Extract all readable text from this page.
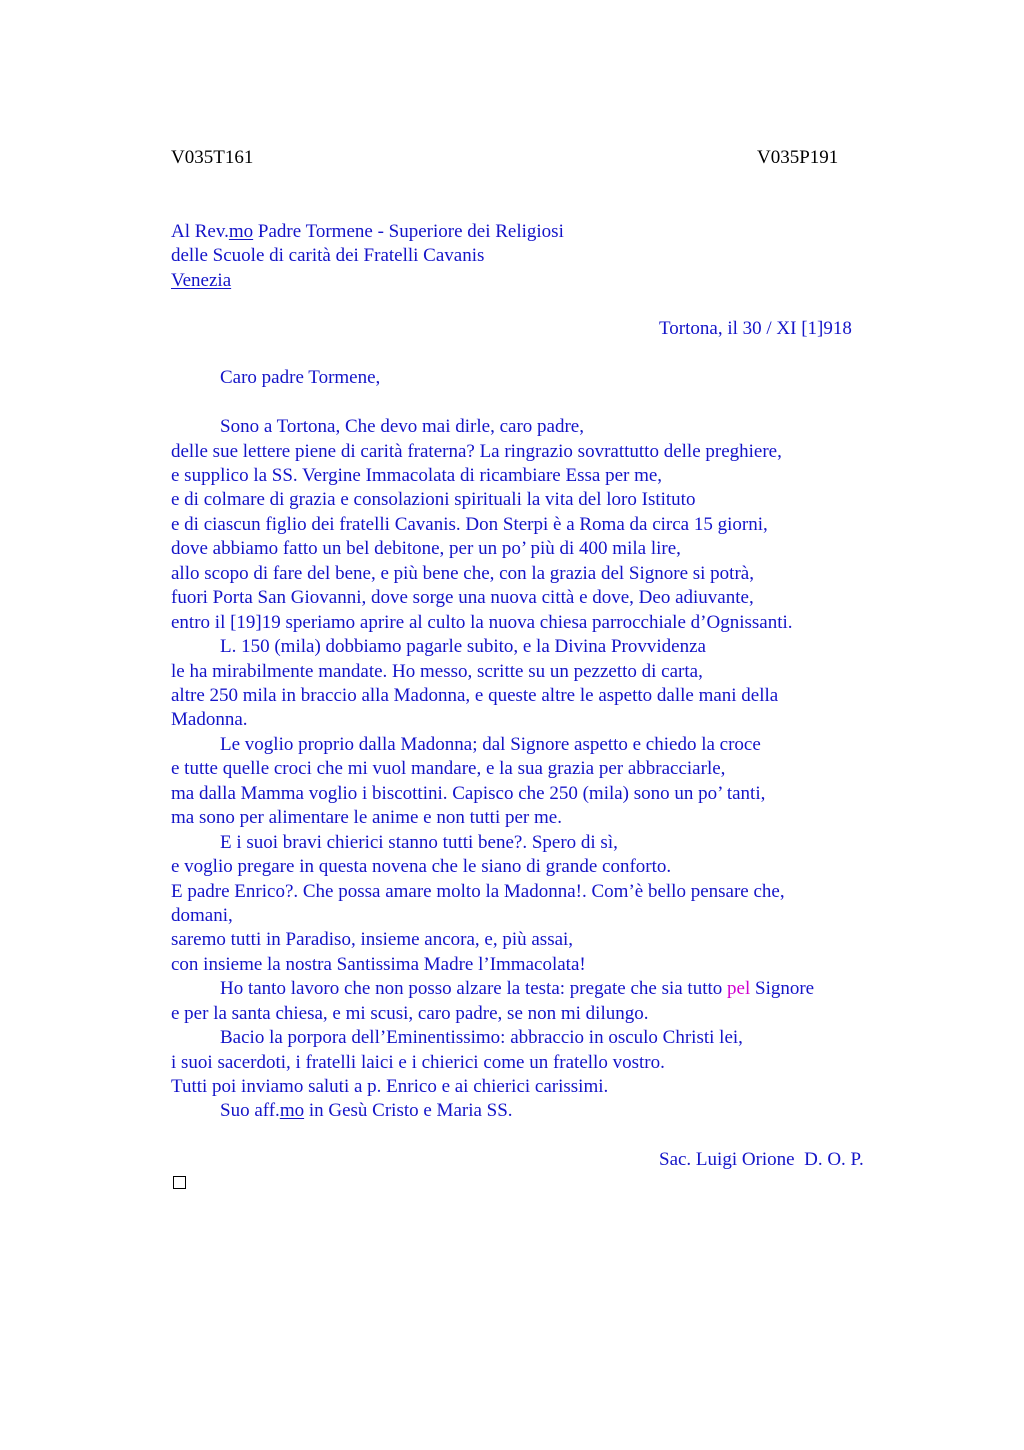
V035T161	V035P191
Al Rev.mo Padre Tormene - Superiore dei Religiosi
delle Scuole di carità dei Fratelli Cavanis
Venezia
Tortona, il 30 / XI [1]918
Caro padre Tormene,
Sono a Tortona, Che devo mai dirle, caro padre,
delle sue lettere piene di carità fraterna? La ringrazio sovrattutto delle preghiere,
e supplico la SS. Vergine Immacolata di ricambiare Essa per me,
e di colmare di grazia e consolazioni spirituali la vita del loro Istituto
e di ciascun figlio dei fratelli Cavanis. Don Sterpi è a Roma da circa 15 giorni,
dove abbiamo fatto un bel debitone, per un po’ più di 400 mila lire,
allo scopo di fare del bene, e più bene che, con la grazia del Signore si potrà,
fuori Porta San Giovanni, dove sorge una nuova città e dove, Deo adiuvante,
entro il [19]19 speriamo aprire al culto la nuova chiesa parrocchiale d’Ognissanti.
L. 150 (mila) dobbiamo pagarle subito, e la Divina Provvidenza
le ha mirabilmente mandate. Ho messo, scritte su un pezzetto di carta,
altre 250 mila in braccio alla Madonna, e queste altre le aspetto dalle mani della
Madonna.
Le voglio proprio dalla Madonna; dal Signore aspetto e chiedo la croce
e tutte quelle croci che mi vuol mandare, e la sua grazia per abbracciarle,
ma dalla Mamma voglio i biscottini. Capisco che 250 (mila) sono un po’ tanti,
ma sono per alimentare le anime e non tutti per me.
E i suoi bravi chierici stanno tutti bene?. Spero di sì,
e voglio pregare in questa novena che le siano di grande conforto.
E padre Enrico?. Che possa amare molto la Madonna!. Com’è bello pensare che,
domani,
saremo tutti in Paradiso, insieme ancora, e, più assai,
con insieme la nostra Santissima Madre l’Immacolata!
Ho tanto lavoro che non posso alzare la testa: pregate che sia tutto pel Signore
e per la santa chiesa, e mi scusi, caro padre, se non mi dilungo.
Bacio la porpora dell’Eminentissimo: abbraccio in osculo Christi lei,
i suoi sacerdoti, i fratelli laici e i chierici come un fratello vostro.
Tutti poi inviamo saluti a p. Enrico e ai chierici carissimi.
Suo aff.mo in Gesù Cristo e Maria SS.
Sac. Luigi Orione  D. O. P.
